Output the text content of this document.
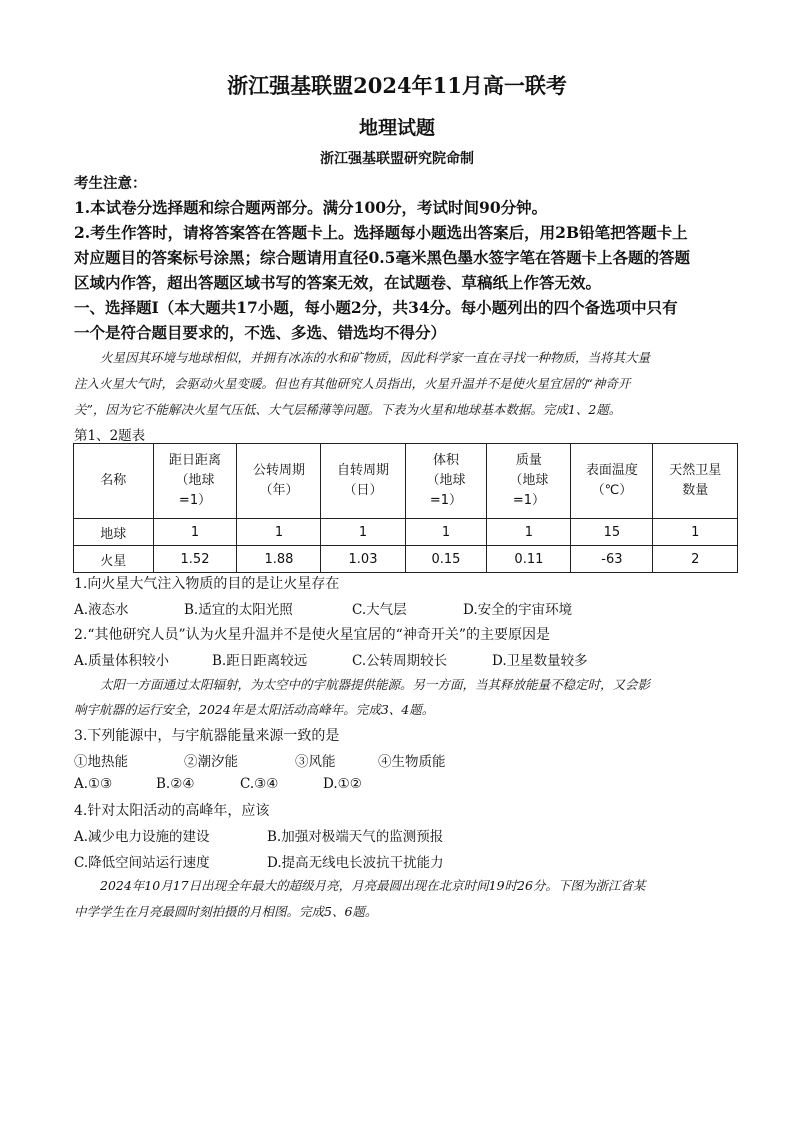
浙江强基联盟2024年11月高一联考
地理试题
浙江强基联盟研究院命制
考生注意：
1.本试卷分选择题和综合题两部分。满分100分，考试时间90分钟。
2.考生作答时，请将答案答在答题卡上。选择题每小题选出答案后，用2B铅笔把答题卡上
对应题目的答案标号涂黑；综合题请用直径0.5毫米黑色墨水签字笔在答题卡上各题的答题
区域内作答，超出答题区域书写的答案无效，在试题卷、草稿纸上作答无效。
一、选择题Ⅰ（本大题共17小题，每小题2分，共34分。每小题列出的四个备选项中只有
一个是符合题目要求的，不选、多选、错选均不得分）
火星因其环境与地球相似，并拥有冰冻的水和矿物质，因此科学家一直在寻找一种物质，当将其大量
注入火星大气时，会驱动火星变暖。但也有其他研究人员指出，火星升温并不是使火星宜居的“神奇开
关”，因为它不能解决火星气压低、大气层稀薄等问题。下表为火星和地球基本数据。完成1、2题。
第1、2题表
名称	距日距离
（地球
=1）	公转周期
（年）	自转周期
（日）	体积
（地球
=1）	质量
（地球
=1）	表面温度
（℃）	天然卫星
数量
地球	1	1	1	1	1	15	1
火星	1.52	1.88	1.03	0.15	0.11	-63	2
1.向火星大气注入物质的目的是让火星存在
A.液态水	B.适宜的太阳光照	C.大气层	D.安全的宇宙环境
2.“其他研究人员”认为火星升温并不是使火星宜居的“神奇开关”的主要原因是
A.质量体积较小	B.距日距离较远	C.公转周期较长	D.卫星数量较多
太阳一方面通过太阳辐射，为太空中的宇航器提供能源。另一方面，当其释放能量不稳定时，又会影
响宇航器的运行安全，2024年是太阳活动高峰年。完成3、4题。
3.下列能源中，与宇航器能量来源一致的是
①地热能	②潮汐能	③风能	④生物质能
A.①③	B.②④	C.③④	D.①②
4.针对太阳活动的高峰年，应该
A.减少电力设施的建设	B.加强对极端天气的监测预报
C.降低空间站运行速度	D.提高无线电长波抗干扰能力
2024年10月17日出现全年最大的超级月亮，月亮最圆出现在北京时间19时26分。下图为浙江省某
中学学生在月亮最圆时刻拍摄的月相图。完成5、6题。
